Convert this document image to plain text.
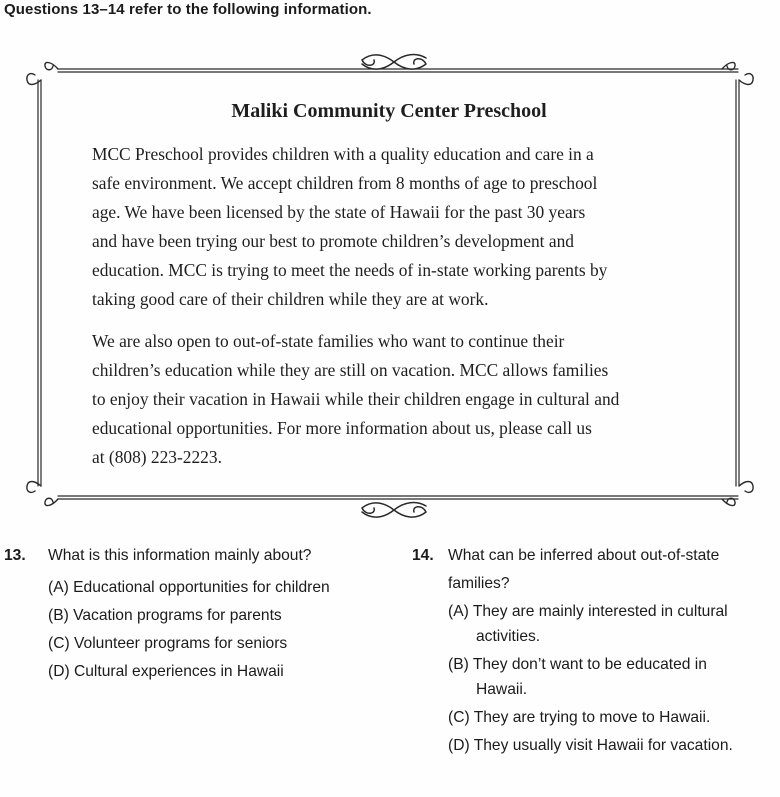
Questions 13–14 refer to the following information.
Maliki Community Center Preschool

MCC Preschool provides children with a quality education and care in a
safe environment. We accept children from 8 months of age to preschool
age. We have been licensed by the state of Hawaii for the past 30 years
and have been trying our best to promote children’s development and
education. MCC is trying to meet the needs of in-state working parents by
taking good care of their children while they are at work.

We are also open to out-of-state families who want to continue their
children’s education while they are still on vacation. MCC allows families
to enjoy their vacation in Hawaii while their children engage in cultural and
educational opportunities. For more information about us, please call us
at (808) 223-2223.

13. What is this information mainly about?
(A) Educational opportunities for children
(B) Vacation programs for parents
(C) Volunteer programs for seniors
(D) Cultural experiences in Hawaii
14. What can be inferred about out-of-state
families?
(A) They are mainly interested in cultural
activities.
(B) They don’t want to be educated in
Hawaii.
(C) They are trying to move to Hawaii.
(D) They usually visit Hawaii for vacation.
